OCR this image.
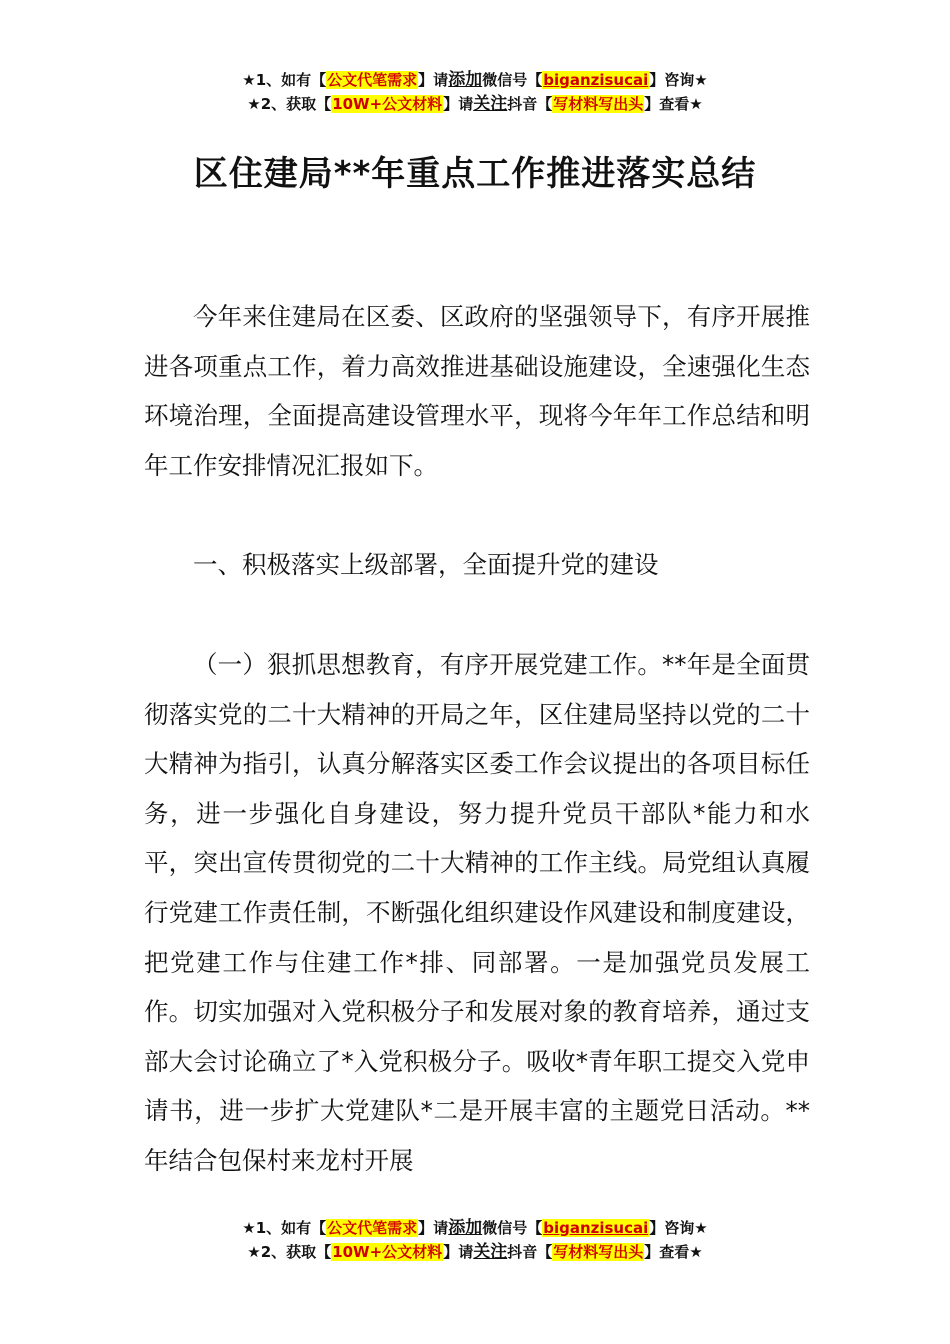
★1、如有【公文代笔需求】请添加微信号【biganzisucai】咨询★
★2、获取【10W+公文材料】请关注抖音【写材料写出头】查看★
区住建局**年重点工作推进落实总结

今年来住建局在区委、区政府的坚强领导下，有序开展推进各项重点工作，着力高效推进基础设施建设，全速强化生态环境治理，全面提高建设管理水平，现将今年年工作总结和明年工作安排情况汇报如下。

一、积极落实上级部署，全面提升党的建设

（一）狠抓思想教育，有序开展党建工作。**年是全面贯彻落实党的二十大精神的开局之年，区住建局坚持以党的二十大精神为指引，认真分解落实区委工作会议提出的各项目标任务，进一步强化自身建设，努力提升党员干部队*能力和水平，突出宣传贯彻党的二十大精神的工作主线。局党组认真履行党建工作责任制，不断强化组织建设作风建设和制度建设，把党建工作与住建工作*排、同部署。一是加强党员发展工作。切实加强对入党积极分子和发展对象的教育培养，通过支部大会讨论确立了*入党积极分子。吸收*青年职工提交入党申请书，进一步扩大党建队*二是开展丰富的主题党日活动。**年结合包保村来龙村开展

★1、如有【公文代笔需求】请添加微信号【biganzisucai】咨询★
★2、获取【10W+公文材料】请关注抖音【写材料写出头】查看★
